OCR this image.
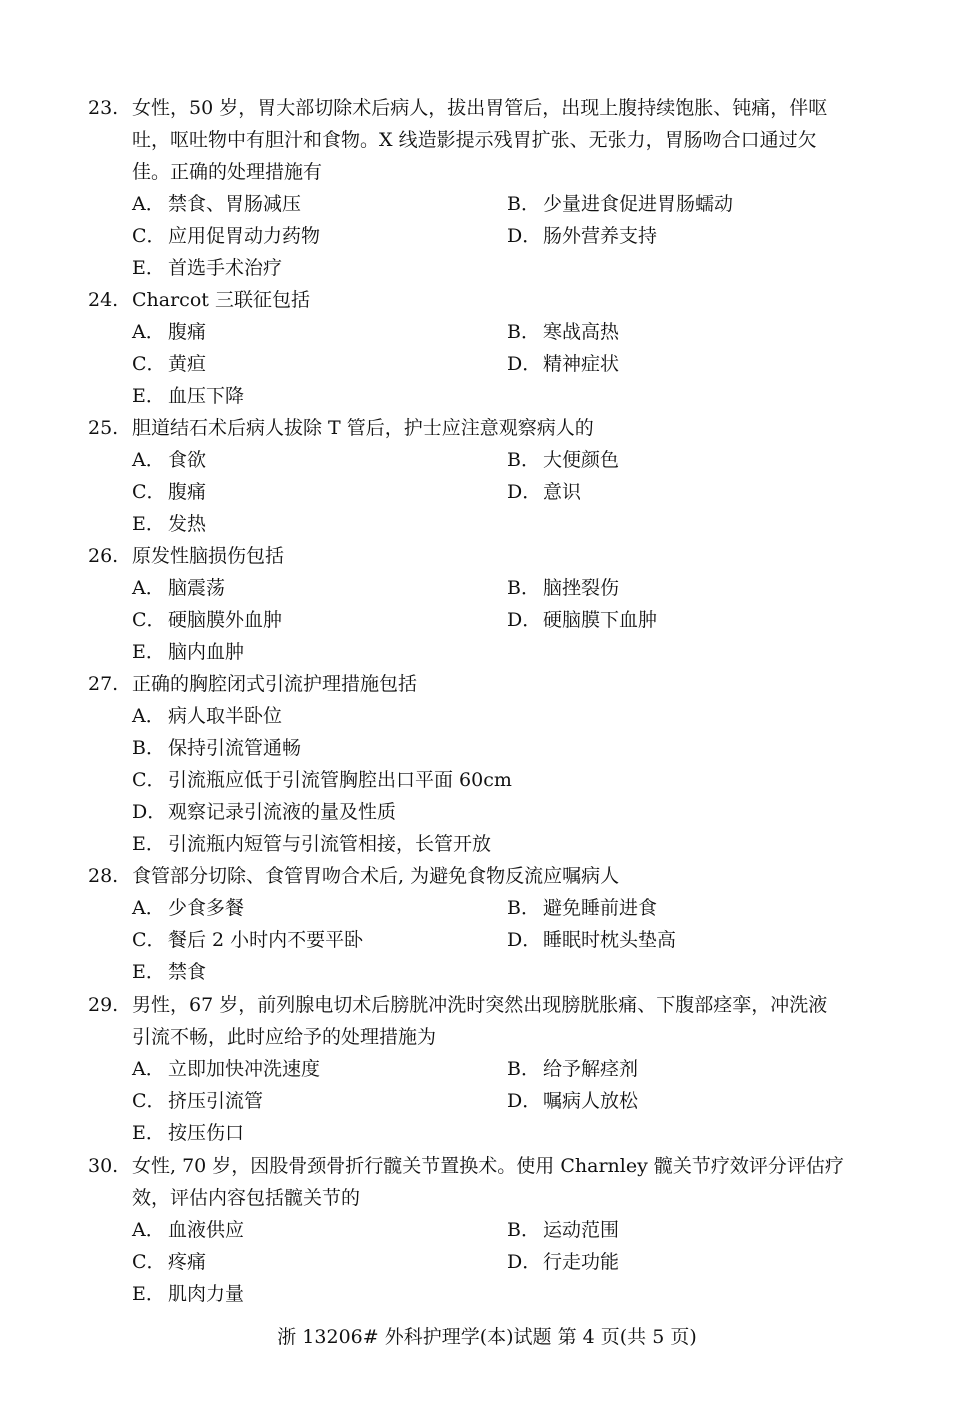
23. 女性，50 岁，胃大部切除术后病人，拔出胃管后，出现上腹持续饱胀、钝痛，伴呕
吐，呕吐物中有胆汁和食物。X 线造影提示残胃扩张、无张力，胃肠吻合口通过欠
佳。正确的处理措施有
A． 禁食、胃肠减压	B． 少量进食促进胃肠蠕动
C． 应用促胃动力药物	D．肠外营养支持
E． 首选手术治疗
24. Charcot 三联征包括
A． 腹痛	B． 寒战高热
C． 黄疸	D．精神症状
E． 血压下降
25. 胆道结石术后病人拔除 T 管后，护士应注意观察病人的
A． 食欲	B． 大便颜色
C． 腹痛	D．意识
E． 发热
26. 原发性脑损伤包括
A． 脑震荡	B． 脑挫裂伤
C． 硬脑膜外血肿	D．硬脑膜下血肿
E． 脑内血肿
27. 正确的胸腔闭式引流护理措施包括
A． 病人取半卧位
B． 保持引流管通畅
C． 引流瓶应低于引流管胸腔出口平面 60cm
D．观察记录引流液的量及性质
E． 引流瓶内短管与引流管相接，长管开放
28. 食管部分切除、食管胃吻合术后, 为避免食物反流应嘱病人
A． 少食多餐	B． 避免睡前进食
C． 餐后 2 小时内不要平卧	D．睡眠时枕头垫高
E． 禁食
29. 男性，67 岁，前列腺电切术后膀胱冲洗时突然出现膀胱胀痛、下腹部痉挛，冲洗液
引流不畅，此时应给予的处理措施为
A． 立即加快冲洗速度	B． 给予解痉剂
C． 挤压引流管	D．嘱病人放松
E． 按压伤口
30. 女性, 70 岁，因股骨颈骨折行髋关节置换术。使用 Charnley 髋关节疗效评分评估疗
效，评估内容包括髋关节的
A． 血液供应	B． 运动范围
C． 疼痛	D．行走功能
E． 肌肉力量
浙 13206# 外科护理学(本)试题 第 4 页(共 5 页)
